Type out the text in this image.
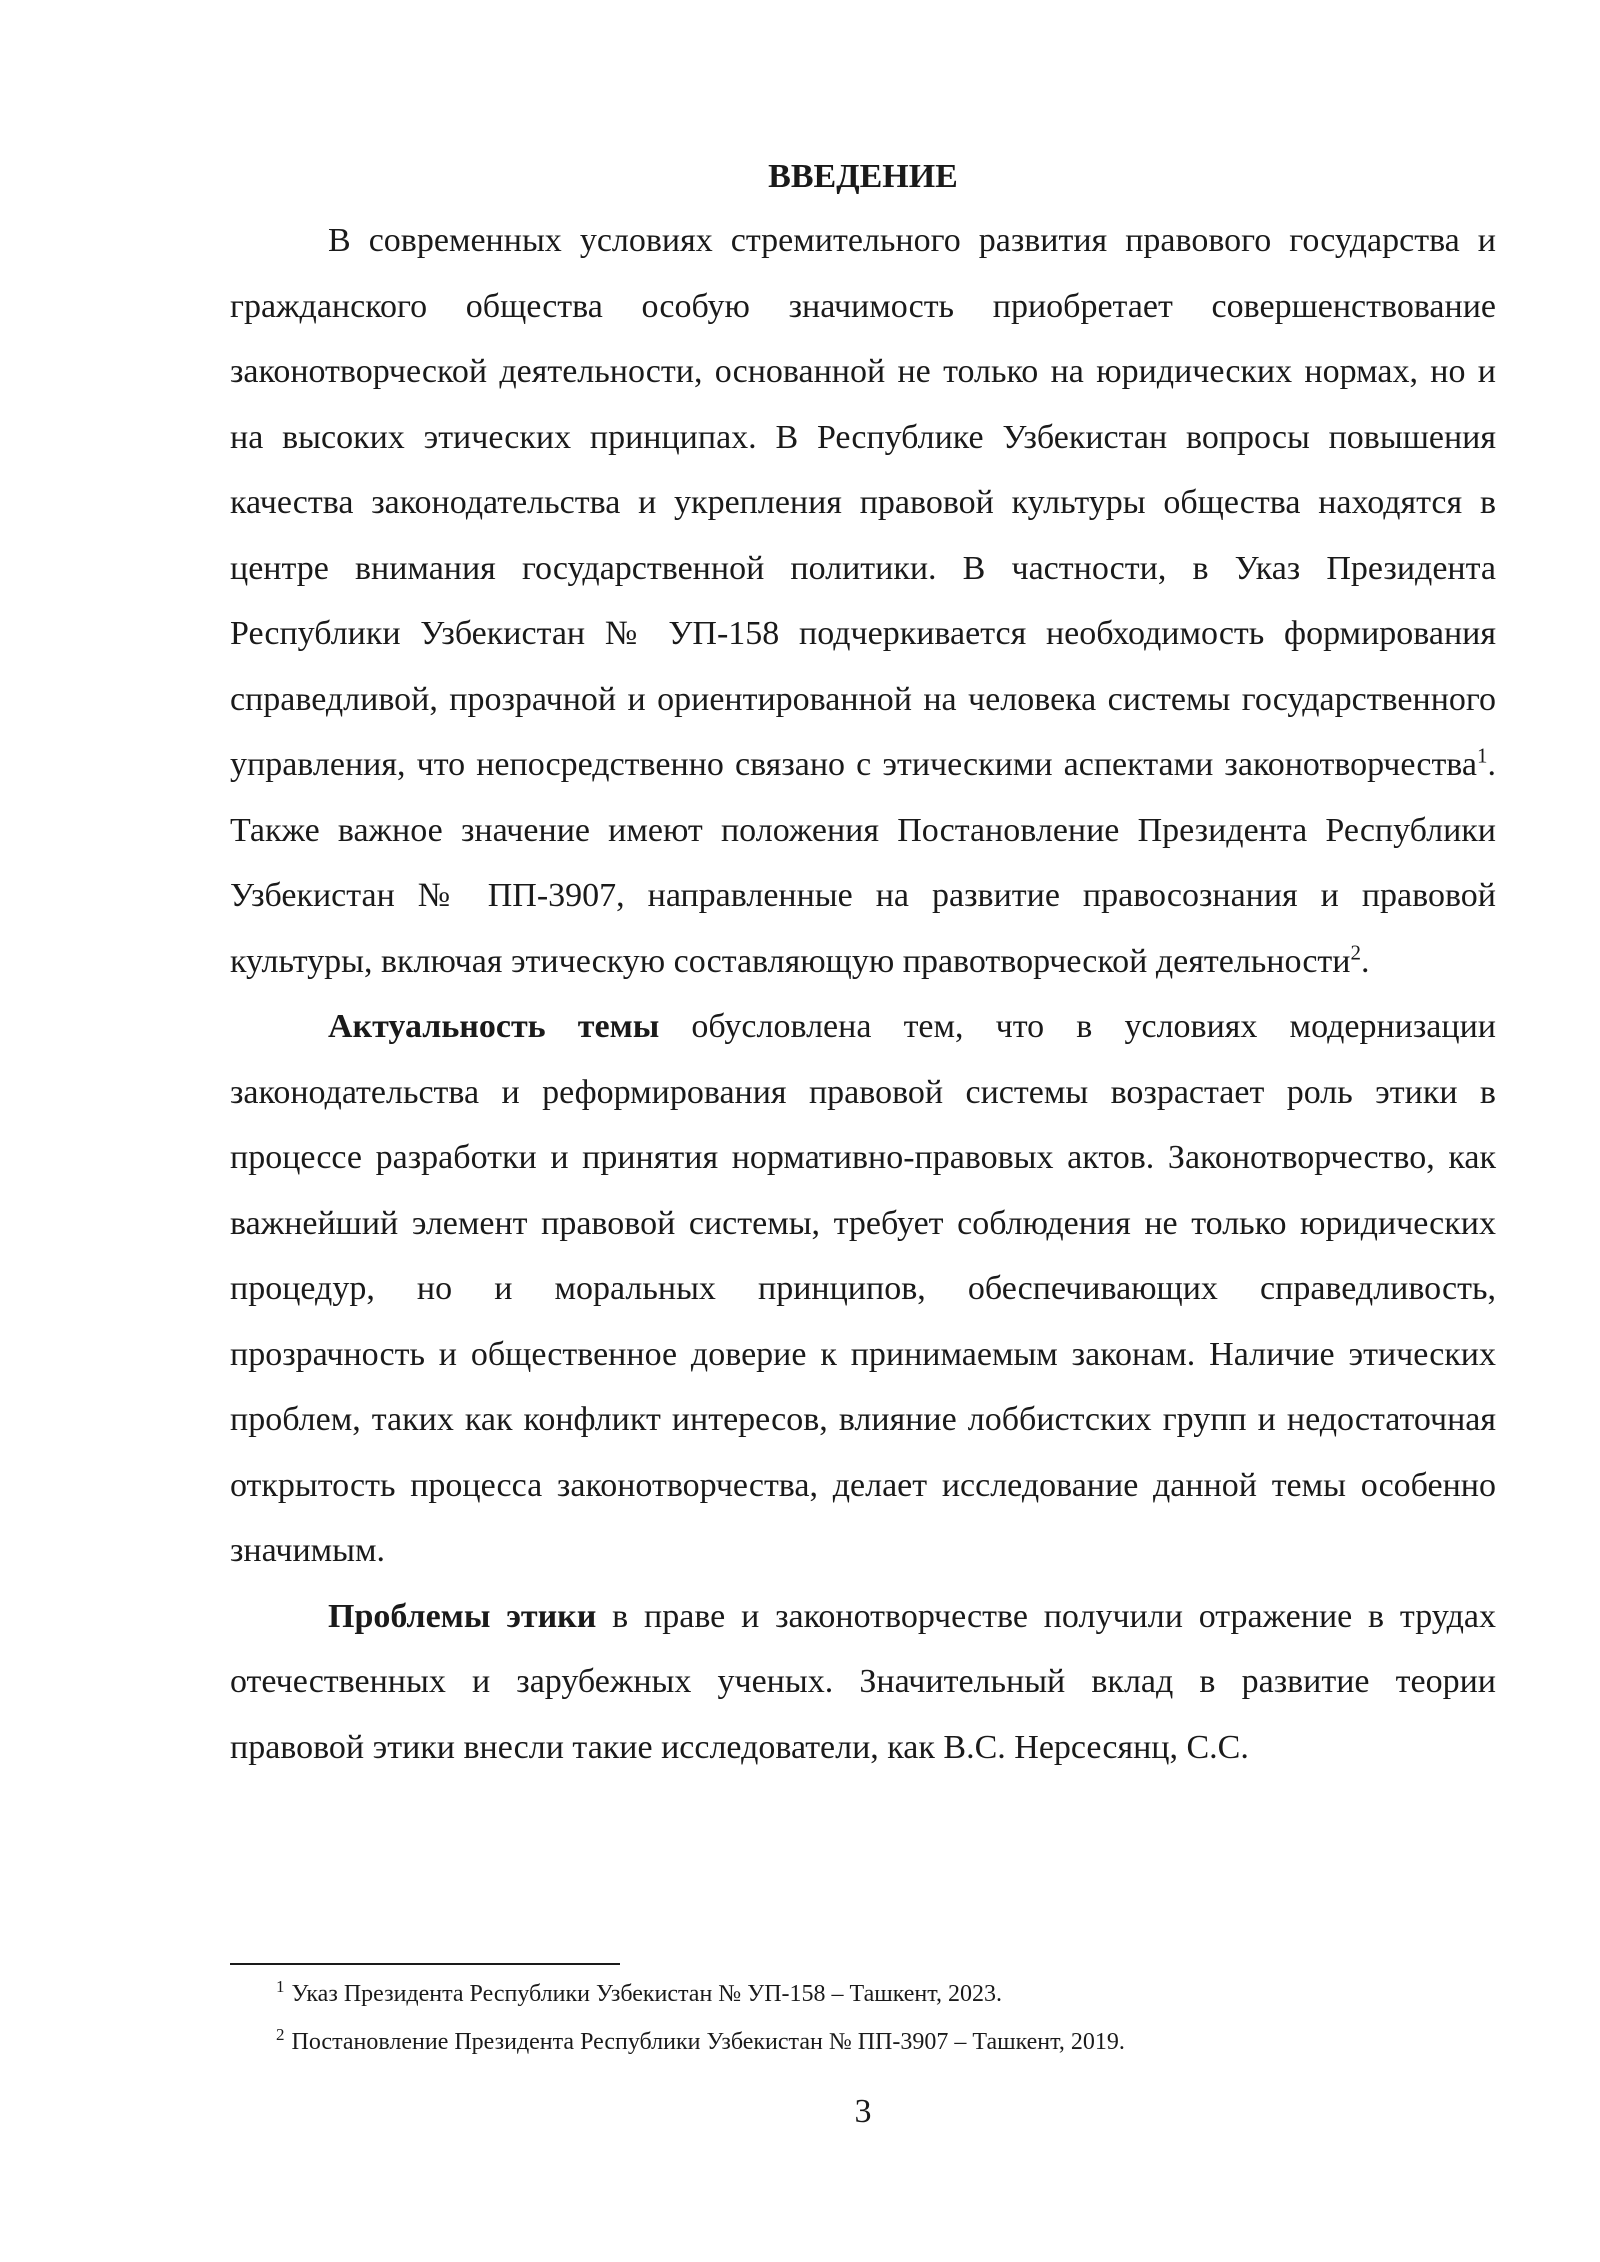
ВВЕДЕНИЕ

В современных условиях стремительного развития правового государства и гражданского общества особую значимость приобретает совершенствование законотворческой деятельности, основанной не только на юридических нормах, но и на высоких этических принципах. В Республике Узбекистан вопросы повышения качества законодательства и укрепления правовой культуры общества находятся в центре внимания государственной политики. В частности, в Указ Президента Республики Узбекистан № УП-158 подчеркивается необходимость формирования справедливой, прозрачной и ориентированной на человека системы государственного управления, что непосредственно связано с этическими аспектами законотворчества$^1$. Также важное значение имеют положения Постановление Президента Республики Узбекистан № ПП-3907, направленные на развитие правосознания и правовой культуры, включая этическую составляющую правотворческой деятельности$^2$.

Актуальность темы обусловлена тем, что в условиях модернизации законодательства и реформирования правовой системы возрастает роль этики в процессе разработки и принятия нормативно-правовых актов. Законотворчество, как важнейший элемент правовой системы, требует соблюдения не только юридических процедур, но и моральных принципов, обеспечивающих справедливость, прозрачность и общественное доверие к принимаемым законам. Наличие этических проблем, таких как конфликт интересов, влияние лоббистских групп и недостаточная открытость процесса законотворчества, делает исследование данной темы особенно значимым.

Проблемы этики в праве и законотворчестве получили отражение в трудах отечественных и зарубежных ученых. Значительный вклад в развитие теории правовой этики внесли такие исследователи, как В.С. Нерсесянц, С.С.

$^1$ Указ Президента Республики Узбекистан № УП-158 – Ташкент, 2023.

$^2$ Постановление Президента Республики Узбекистан № ПП-3907 – Ташкент, 2019.

3
